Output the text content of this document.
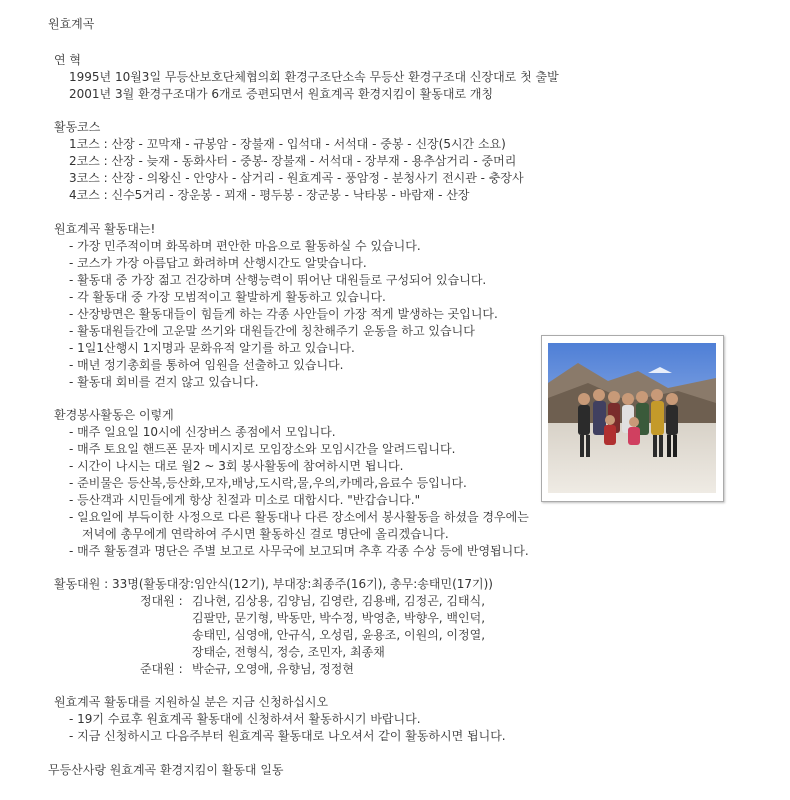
원효계곡
연 혁
1995년 10월3일 무등산보호단체협의회 환경구조단소속 무등산 환경구조대 신장대로 첫 출발
2001년 3월 환경구조대가 6개로 증편되면서 원효계곡 환경지킴이 활동대로 개칭
활동코스
1코스 : 산장 - 꼬막재 - 규봉암 - 장불재 - 입석대 - 서석대 - 중봉 - 신장(5시간 소요)
2코스 : 산장 - 늦재 - 동화사터 - 중봉- 장불재 - 서석대 - 장부재 - 용추삼거리 - 중머리
3코스 : 산장 - 의왕신 - 안양사 - 삼거리 - 원효계곡 - 풍암정 - 분청사기 전시관 - 충장사
4코스 : 신수5거리 - 장운봉 - 꾀재 - 평두봉 - 장군봉 - 낙타봉 - 바람재 - 산장
원효계곡 활동대는!
- 가장 민주적이며 화목하며 편안한 마음으로 활동하실 수 있습니다.
- 코스가 가장 아름답고 화려하며 산행시간도 알맞습니다.
- 활동대 중 가장 젊고 건강하며 산행능력이 뛰어난 대원들로 구성되어 있습니다.
- 각 활동대 중 가장 모범적이고 활발하게 활동하고 있습니다.
- 산장방면은 활동대들이 힘들게 하는 각종 사안들이 가장 적게 발생하는 곳입니다.
- 활동대원들간에 고운말 쓰기와 대원들간에 칭찬해주기 운동을 하고 있습니다
- 1일1산행시 1지명과 문화유적 알기를 하고 있습니다.
- 매년 정기총회를 통하여 임원을 선출하고 있습니다.
- 활동대 회비를 걷지 않고 있습니다.
환경봉사활동은 이렇게
- 매주 일요일 10시에 신장버스 종점에서 모입니다.
- 매주 토요일 핸드폰 문자 메시지로 모임장소와 모임시간을 알려드립니다.
- 시간이 나시는 대로 월2 ~ 3회 봉사활동에 참여하시면 됩니다.
- 준비물은 등산복,등산화,모자,배낭,도시락,물,우의,카메라,음료수 등입니다.
- 등산객과 시민들에게 항상 친절과 미소로 대합시다. "반갑습니다."
- 일요일에 부득이한 사정으로 다른 활동대나 다른 장소에서 봉사활동을 하셨을 경우에는
저녁에 총무에게 연락하여 주시면 활동하신 걸로 명단에 올리겠습니다.
- 매주 활동결과 명단은 주별 보고로 사무국에 보고되며 추후 각종 수상 등에 반영됩니다.
활동대원 : 33명(활동대장:임안식(12기), 부대장:최종주(16기), 총무:송태민(17기))
정대원 : 김나현, 김상용, 김양님, 김영란, 김용배, 김정곤, 김태식,
김팔만, 문기형, 박동만, 박수정, 박영춘, 박향우, 백인덕,
송태민, 심영애, 안규식, 오성림, 윤용조, 이원의, 이정열,
장태순, 전형식, 정승, 조민자, 최종채
준대원 : 박순규, 오영애, 유향님, 정정현
원효계곡 활동대를 지원하실 분은 지금 신청하십시오
- 19기 수료후 원효계곡 활동대에 신청하셔서 활동하시기 바랍니다.
- 지금 신청하시고 다음주부터 원효계곡 활동대로 나오셔서 같이 활동하시면 됩니다.
무등산사랑 원효계곡 환경지킴이 활동대 일동
